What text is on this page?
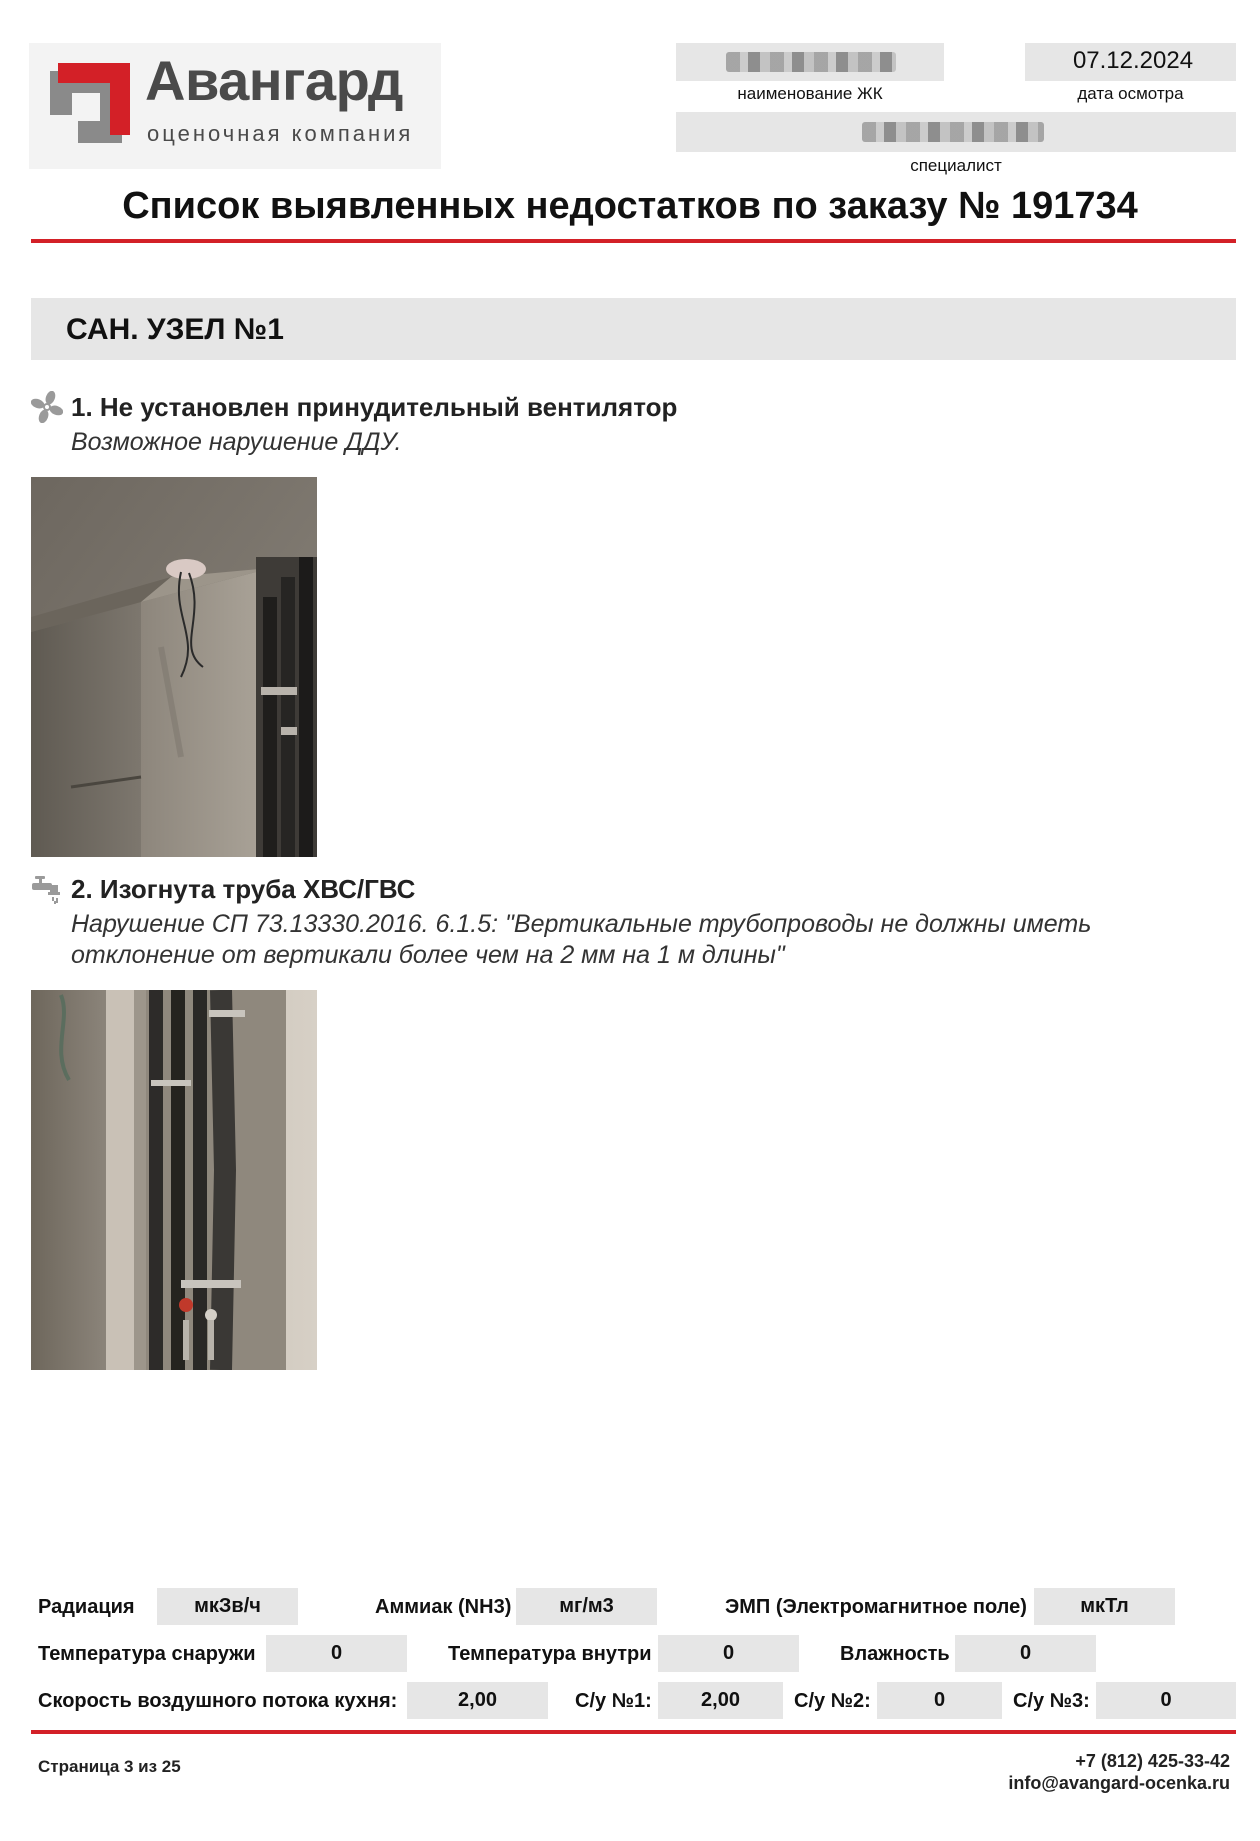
Авангард
оценочная компания
наименование ЖК
07.12.2024
дата осмотра
специалист
Список выявленных недостатков по заказу № 191734
САН. УЗЕЛ №1
1. Не установлен принудительный вентилятор
Возможное нарушение ДДУ.
2. Изогнута труба ХВС/ГВС
Нарушение СП 73.13330.2016. 6.1.5: "Вертикальные трубопроводы не должны иметь отклонение от вертикали более чем на 2 мм на 1 м длины"
Радиация	мкЗв/ч	Аммиак (NH3)	мг/м3	ЭМП (Электромагнитное поле)	мкТл
Температура снаружи	0	Температура внутри	0	Влажность	0
Скорость воздушного потока кухня:	2,00	С/у №1:	2,00	С/у №2:	0	С/у №3:	0
Страница 3 из 25	+7 (812) 425-33-42
info@avangard-ocenka.ru
